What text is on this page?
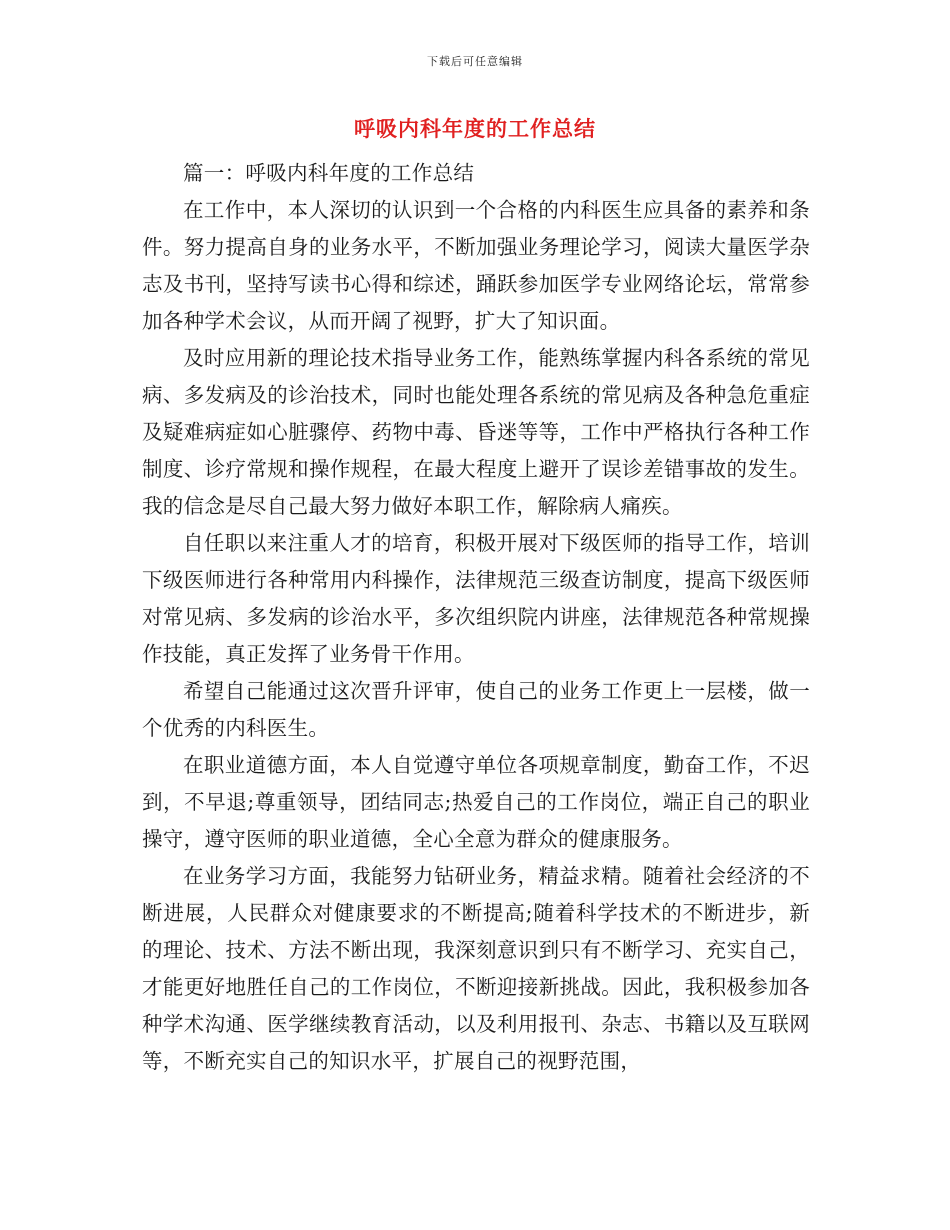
下载后可任意编辑
呼吸内科年度的工作总结

篇一：呼吸内科年度的工作总结

在工作中，本人深切的认识到一个合格的内科医生应具备的素养和条件。努力提高自身的业务水平，不断加强业务理论学习，阅读大量医学杂志及书刊，坚持写读书心得和综述，踊跃参加医学专业网络论坛，常常参加各种学术会议，从而开阔了视野，扩大了知识面。

及时应用新的理论技术指导业务工作，能熟练掌握内科各系统的常见病、多发病及的诊治技术，同时也能处理各系统的常见病及各种急危重症及疑难病症如心脏骤停、药物中毒、昏迷等等，工作中严格执行各种工作制度、诊疗常规和操作规程，在最大程度上避开了误诊差错事故的发生。我的信念是尽自己最大努力做好本职工作，解除病人痛疾。

自任职以来注重人才的培育，积极开展对下级医师的指导工作，培训下级医师进行各种常用内科操作，法律规范三级查访制度，提高下级医师对常见病、多发病的诊治水平，多次组织院内讲座，法律规范各种常规操作技能，真正发挥了业务骨干作用。

希望自己能通过这次晋升评审，使自己的业务工作更上一层楼，做一个优秀的内科医生。

在职业道德方面，本人自觉遵守单位各项规章制度，勤奋工作，不迟到，不早退;尊重领导，团结同志;热爱自己的工作岗位，端正自己的职业操守，遵守医师的职业道德，全心全意为群众的健康服务。

在业务学习方面，我能努力钻研业务，精益求精。随着社会经济的不断进展，人民群众对健康要求的不断提高;随着科学技术的不断进步，新的理论、技术、方法不断出现，我深刻意识到只有不断学习、充实自己，才能更好地胜任自己的工作岗位，不断迎接新挑战。因此，我积极参加各种学术沟通、医学继续教育活动，以及利用报刊、杂志、书籍以及互联网等，不断充实自己的知识水平，扩展自己的视野范围，
